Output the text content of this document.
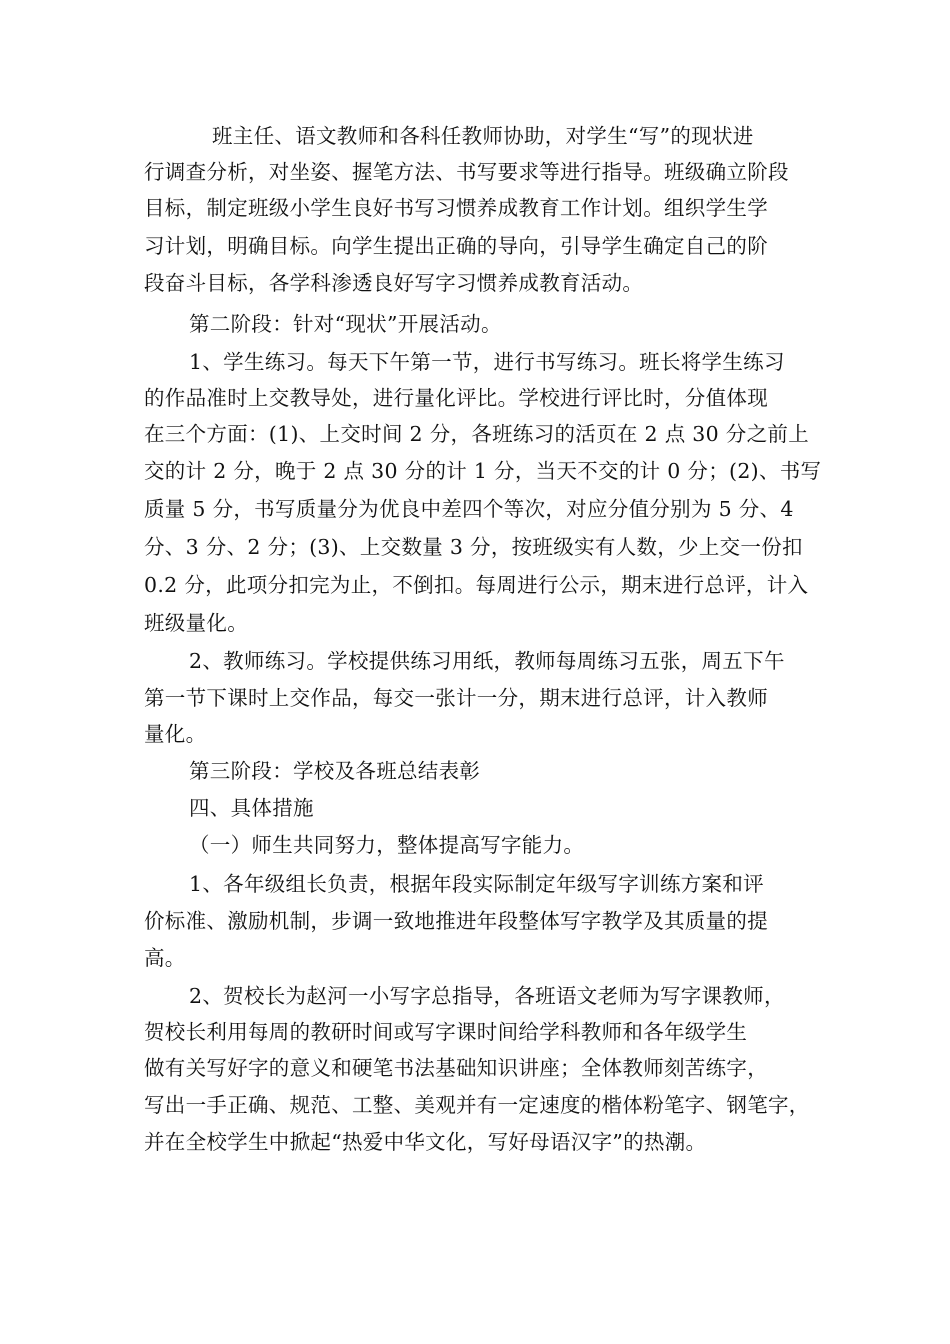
班主任、语文教师和各科任教师协助，对学生“写”的现状进
行调查分析，对坐姿、握笔方法、书写要求等进行指导。班级确立阶段
目标，制定班级小学生良好书写习惯养成教育工作计划。组织学生学
习计划，明确目标。向学生提出正确的导向，引导学生确定自己的阶
段奋斗目标，各学科渗透良好写字习惯养成教育活动。
第二阶段：针对“现状”开展活动。
1、学生练习。每天下午第一节，进行书写练习。班长将学生练习
的作品准时上交教导处，进行量化评比。学校进行评比时，分值体现
在三个方面：(1)、上交时间 2 分，各班练习的活页在 2 点 30 分之前上
交的计 2 分，晚于 2 点 30 分的计 1 分，当天不交的计 0 分；(2)、书写
质量 5 分，书写质量分为优良中差四个等次，对应分值分别为 5 分、4
分、3 分、2 分；(3)、上交数量 3 分，按班级实有人数，少上交一份扣
0.2 分，此项分扣完为止，不倒扣。每周进行公示，期末进行总评，计入
班级量化。
2、教师练习。学校提供练习用纸，教师每周练习五张，周五下午
第一节下课时上交作品，每交一张计一分，期末进行总评，计入教师
量化。
第三阶段：学校及各班总结表彰
四、具体措施
（一）师生共同努力，整体提高写字能力。
1、各年级组长负责，根据年段实际制定年级写字训练方案和评
价标准、激励机制，步调一致地推进年段整体写字教学及其质量的提
高。
2、贺校长为赵河一小写字总指导，各班语文老师为写字课教师，
贺校长利用每周的教研时间或写字课时间给学科教师和各年级学生
做有关写好字的意义和硬笔书法基础知识讲座；全体教师刻苦练字，
写出一手正确、规范、工整、美观并有一定速度的楷体粉笔字、钢笔字，
并在全校学生中掀起“热爱中华文化，写好母语汉字”的热潮。
